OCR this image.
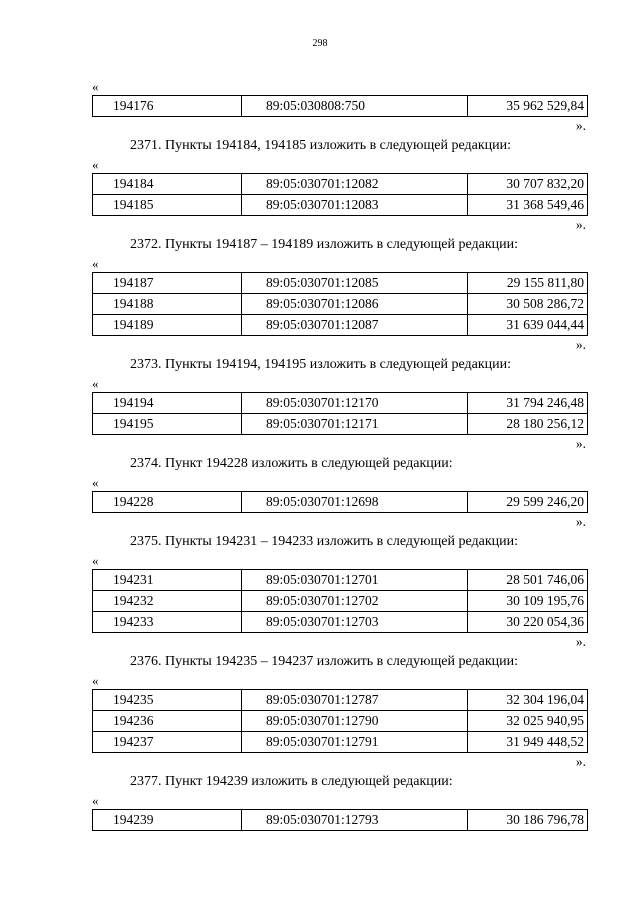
298
«
194176	89:05:030808:750	35 962 529,84
».
2371. Пункты 194184, 194185 изложить в следующей редакции:
«
194184	89:05:030701:12082	30 707 832,20
194185	89:05:030701:12083	31 368 549,46
».
2372. Пункты 194187 – 194189 изложить в следующей редакции:
«
194187	89:05:030701:12085	29 155 811,80
194188	89:05:030701:12086	30 508 286,72
194189	89:05:030701:12087	31 639 044,44
».
2373. Пункты 194194, 194195 изложить в следующей редакции:
«
194194	89:05:030701:12170	31 794 246,48
194195	89:05:030701:12171	28 180 256,12
».
2374. Пункт 194228 изложить в следующей редакции:
«
194228	89:05:030701:12698	29 599 246,20
».
2375. Пункты 194231 – 194233 изложить в следующей редакции:
«
194231	89:05:030701:12701	28 501 746,06
194232	89:05:030701:12702	30 109 195,76
194233	89:05:030701:12703	30 220 054,36
».
2376. Пункты 194235 – 194237 изложить в следующей редакции:
«
194235	89:05:030701:12787	32 304 196,04
194236	89:05:030701:12790	32 025 940,95
194237	89:05:030701:12791	31 949 448,52
».
2377. Пункт 194239 изложить в следующей редакции:
«
194239	89:05:030701:12793	30 186 796,78
